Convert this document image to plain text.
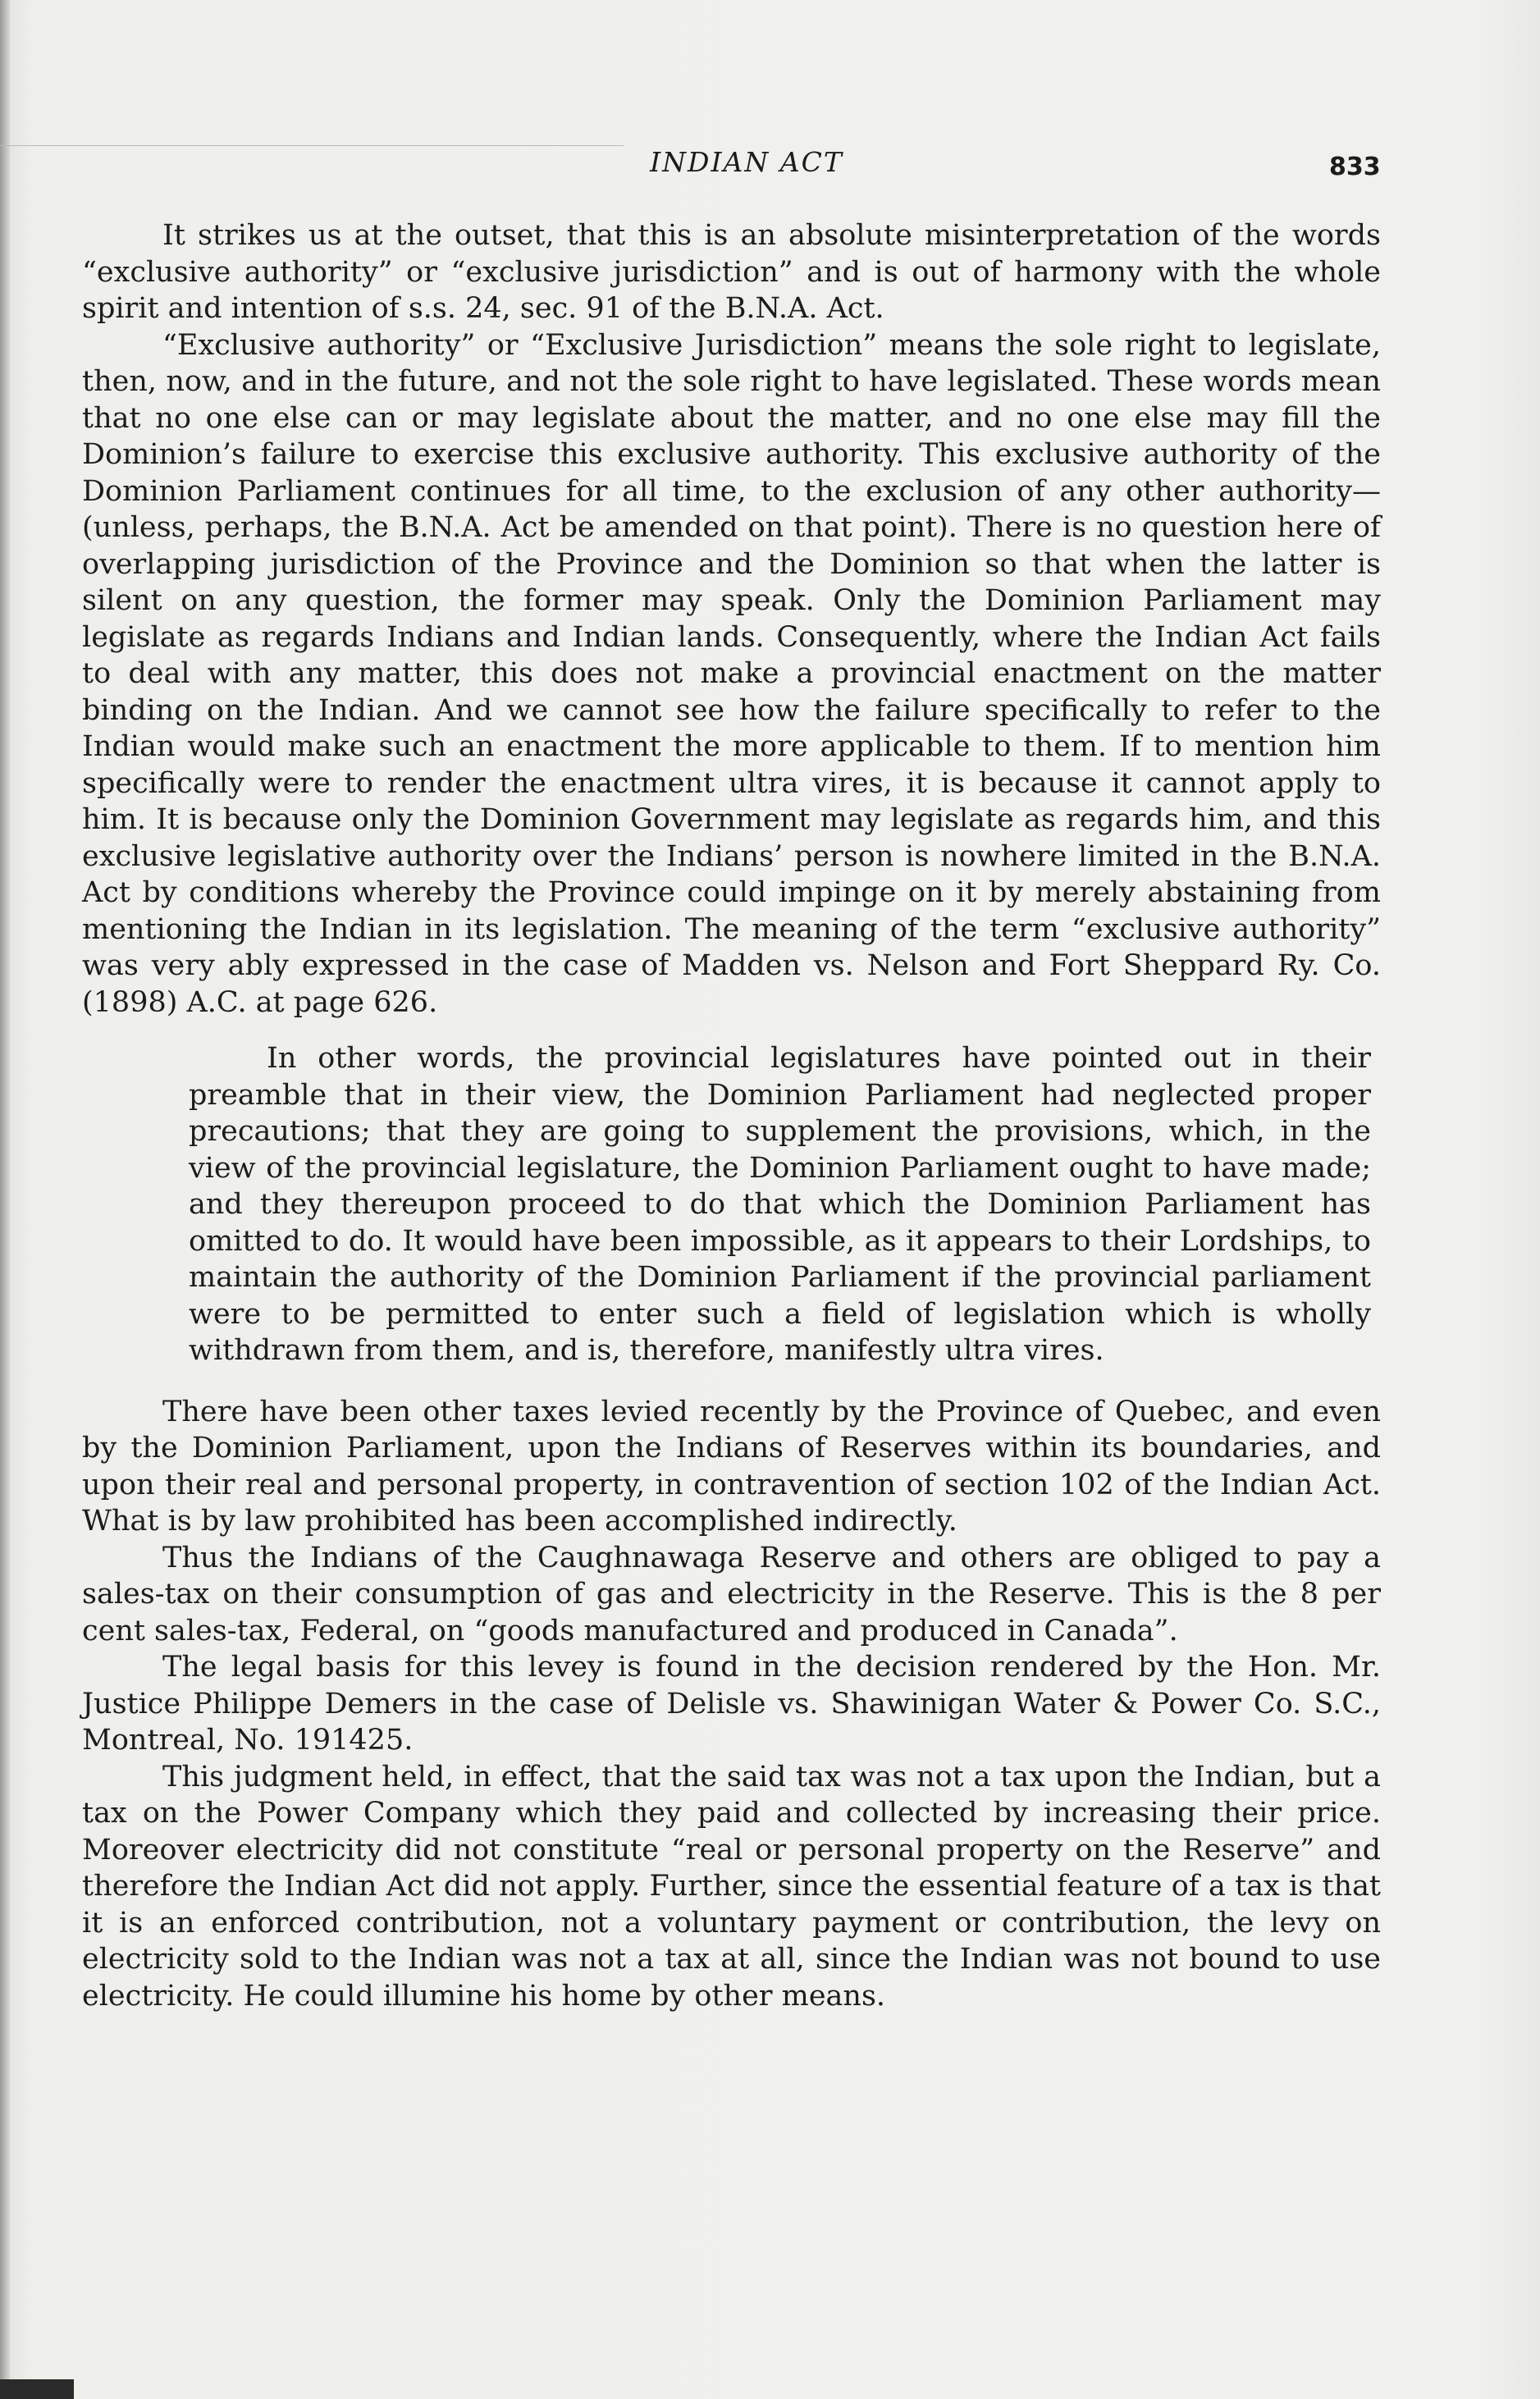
INDIAN ACT	833

It strikes us at the outset, that this is an absolute misinterpretation of the words “exclusive authority” or “exclusive jurisdiction” and is out of harmony with the whole spirit and intention of s.s. 24, sec. 91 of the B.N.A. Act.

“Exclusive authority” or “Exclusive Jurisdiction” means the sole right to legislate, then, now, and in the future, and not the sole right to have legislated. These words mean that no one else can or may legislate about the matter, and no one else may fill the Dominion’s failure to exercise this exclusive authority. This exclusive authority of the Dominion Parliament continues for all time, to the exclusion of any other authority—(unless, perhaps, the B.N.A. Act be amended on that point). There is no question here of overlapping jurisdiction of the Province and the Dominion so that when the latter is silent on any question, the former may speak. Only the Dominion Parliament may legislate as regards Indians and Indian lands. Consequently, where the Indian Act fails to deal with any matter, this does not make a provincial enactment on the matter binding on the Indian. And we cannot see how the failure specifically to refer to the Indian would make such an enactment the more applicable to them. If to mention him specifically were to render the enactment ultra vires, it is because it cannot apply to him. It is because only the Dominion Government may legislate as regards him, and this exclusive legislative authority over the Indians’ person is nowhere limited in the B.N.A. Act by conditions whereby the Province could impinge on it by merely abstaining from mentioning the Indian in its legislation. The meaning of the term “exclusive authority” was very ably expressed in the case of Madden vs. Nelson and Fort Sheppard Ry. Co. (1898) A.C. at page 626.

In other words, the provincial legislatures have pointed out in their preamble that in their view, the Dominion Parliament had neglected proper precautions; that they are going to supplement the provisions, which, in the view of the provincial legislature, the Dominion Parliament ought to have made; and they thereupon proceed to do that which the Dominion Parliament has omitted to do. It would have been impossible, as it appears to their Lordships, to maintain the authority of the Dominion Parliament if the provincial parliament were to be permitted to enter such a field of legislation which is wholly withdrawn from them, and is, therefore, manifestly ultra vires.

There have been other taxes levied recently by the Province of Quebec, and even by the Dominion Parliament, upon the Indians of Reserves within its boundaries, and upon their real and personal property, in contravention of section 102 of the Indian Act. What is by law prohibited has been accomplished indirectly.

Thus the Indians of the Caughnawaga Reserve and others are obliged to pay a sales-tax on their consumption of gas and electricity in the Reserve. This is the 8 per cent sales-tax, Federal, on “goods manufactured and produced in Canada”.

The legal basis for this levey is found in the decision rendered by the Hon. Mr. Justice Philippe Demers in the case of Delisle vs. Shawinigan Water & Power Co. S.C., Montreal, No. 191425.

This judgment held, in effect, that the said tax was not a tax upon the Indian, but a tax on the Power Company which they paid and collected by increasing their price. Moreover electricity did not constitute “real or personal property on the Reserve” and therefore the Indian Act did not apply. Further, since the essential feature of a tax is that it is an enforced contribution, not a voluntary payment or contribution, the levy on electricity sold to the Indian was not a tax at all, since the Indian was not bound to use electricity. He could illumine his home by other means.
